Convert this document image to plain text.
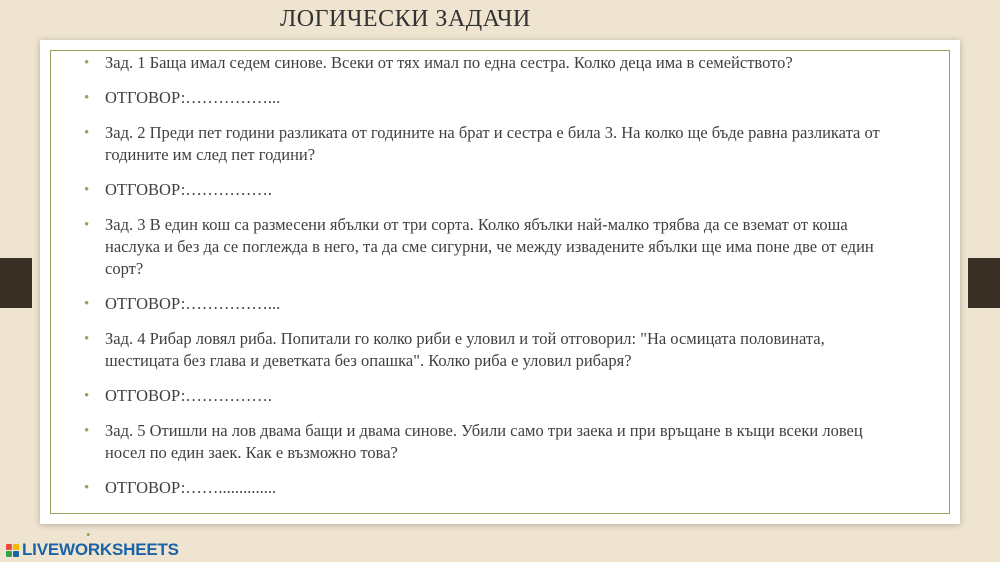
ЛОГИЧЕСКИ ЗАДАЧИ
• Зад. 1 Баща имал седем синове. Всеки от тях имал по една сестра. Колко деца има в семейството?
• ОТГОВОР:……………...
• Зад. 2 Преди пет години разликата от годините на брат и сестра е била 3. На колко ще бъде равна разликата от годините им след пет години?
• ОТГОВОР:…………….
• Зад. 3 В един кош са размесени ябълки от три сорта. Колко ябълки най-малко трябва да се вземат от коша наслука и без да се поглежда в него, та да сме сигурни, че между извадените ябълки ще има поне две от един сорт?
• ОТГОВОР:……………...
• Зад. 4 Рибар ловял риба. Попитали го колко риби е уловил и той отговорил: "На осмицата половината, шестицата без глава и деветката без опашка". Колко риба е уловил рибаря?
• ОТГОВОР:…………….
• Зад. 5 Отишли на лов двама бащи и двама синове. Убили само три заека и при връщане в къщи всеки ловец носел по един заек. Как е възможно това?
• ОТГОВОР:……..............
•
LIVEWORKSHEETS
